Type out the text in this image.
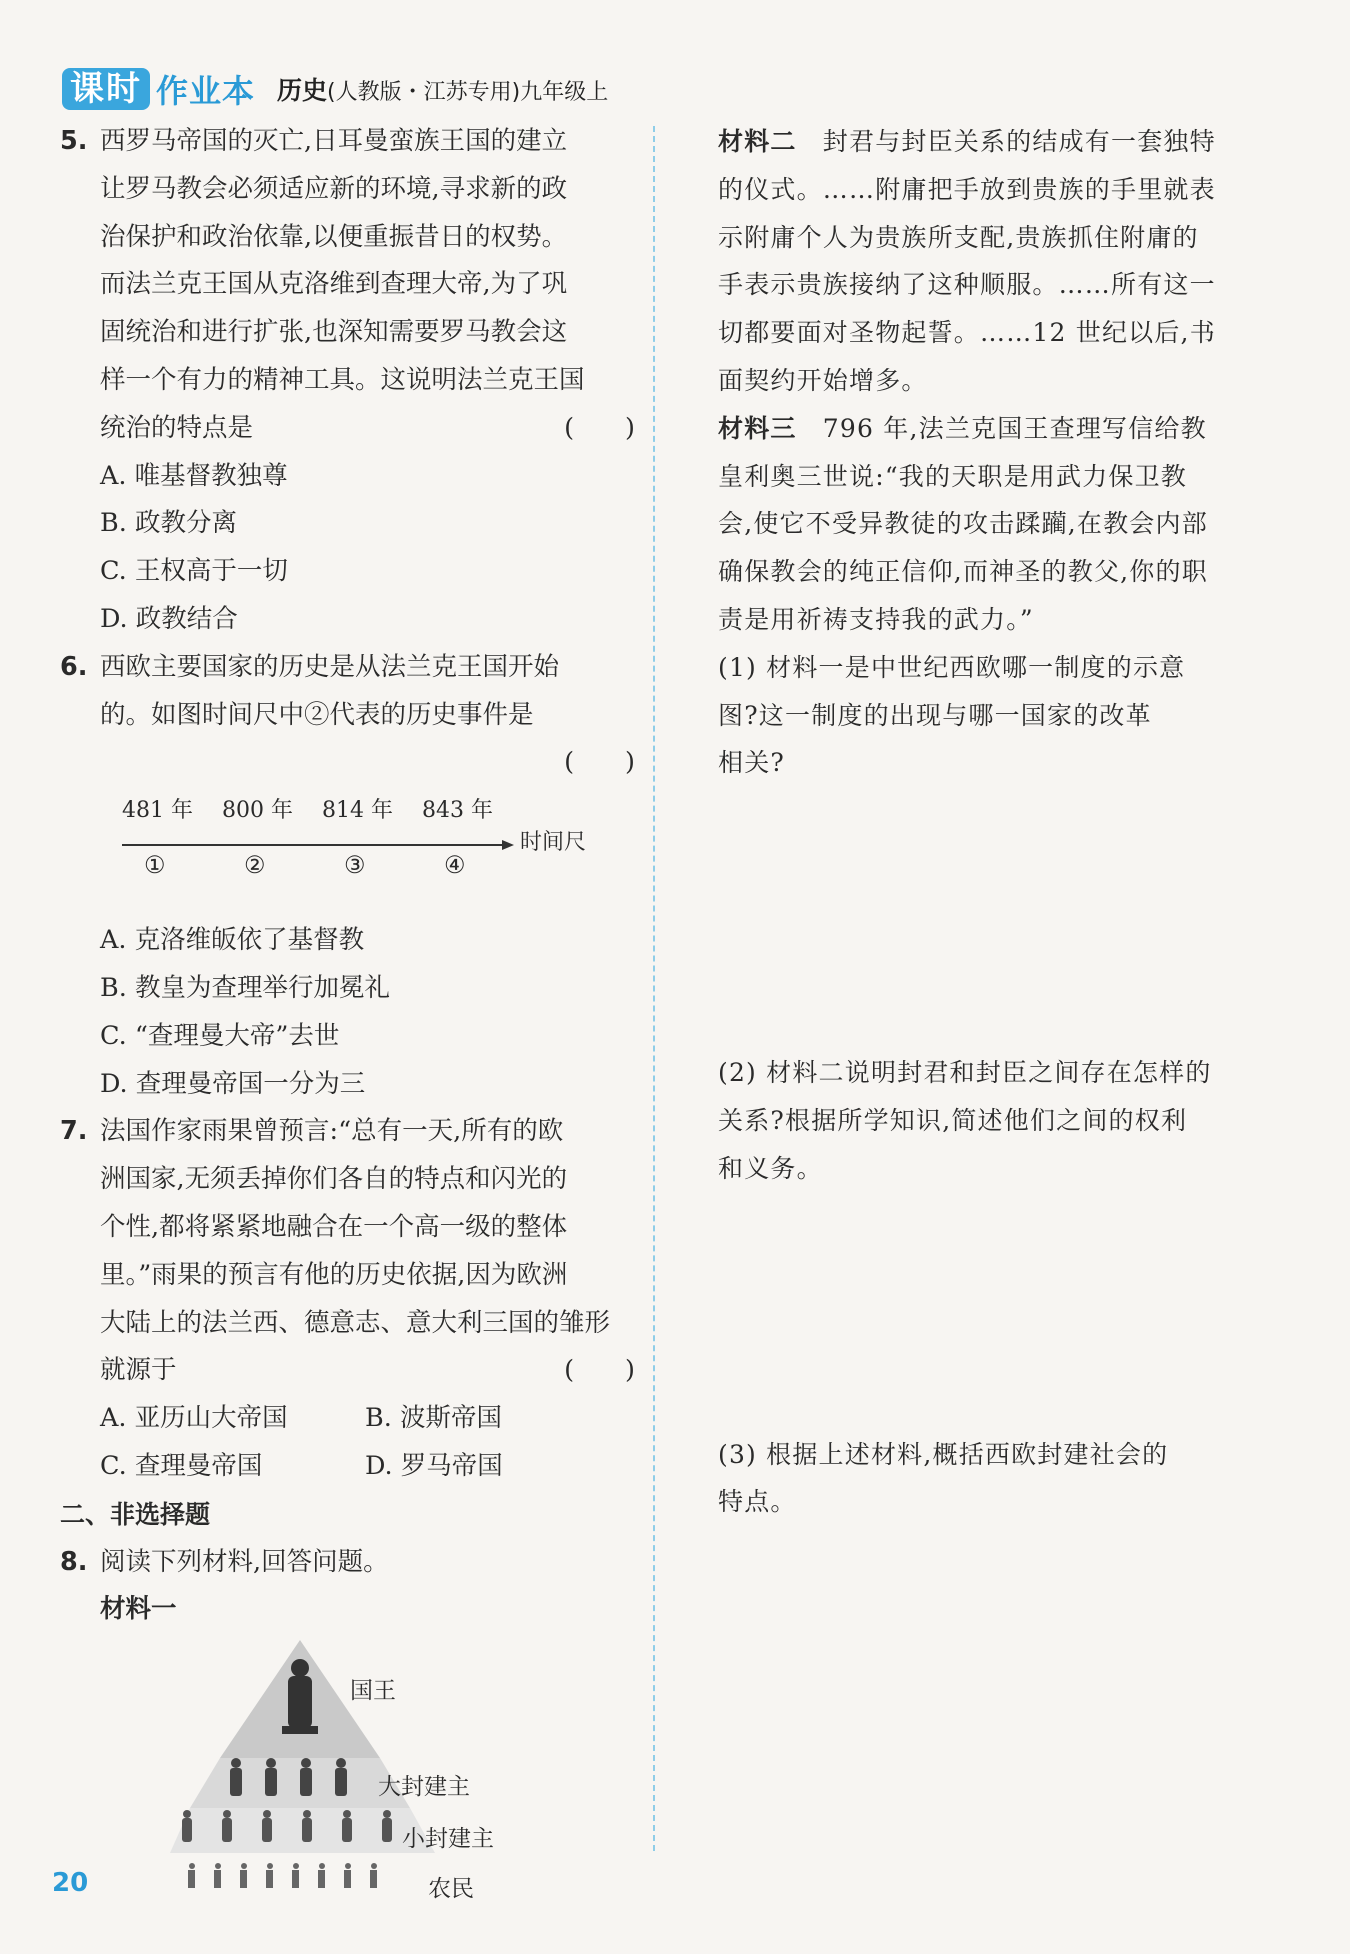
课时 作业本 历史(人教版・江苏专用)九年级上
5. 西罗马帝国的灭亡,日耳曼蛮族王国的建立
让罗马教会必须适应新的环境,寻求新的政
治保护和政治依靠,以便重振昔日的权势。
而法兰克王国从克洛维到查理大帝,为了巩
固统治和进行扩张,也深知需要罗马教会这
样一个有力的精神工具。这说明法兰克王国
统治的特点是	(　　)
A. 唯基督教独尊
B. 政教分离
C. 王权高于一切
D. 政教结合
6. 西欧主要国家的历史是从法兰克王国开始
的。如图时间尺中②代表的历史事件是
(　　)
481 年 800 年 814 年 843 年
①	②	③	④
时间尺
A. 克洛维皈依了基督教
B. 教皇为查理举行加冕礼
C. “查理曼大帝”去世
D. 查理曼帝国一分为三
7. 法国作家雨果曾预言:“总有一天,所有的欧
洲国家,无须丢掉你们各自的特点和闪光的
个性,都将紧紧地融合在一个高一级的整体
里。”雨果的预言有他的历史依据,因为欧洲
大陆上的法兰西、德意志、意大利三国的雏形
就源于	(　　)
A. 亚历山大帝国	B. 波斯帝国
C. 查理曼帝国	D. 罗马帝国
二、非选择题
8. 阅读下列材料,回答问题。
材料一
国王
大封建主
小封建主
农民
材料二　封君与封臣关系的结成有一套独特
的仪式。……附庸把手放到贵族的手里就表
示附庸个人为贵族所支配,贵族抓住附庸的
手表示贵族接纳了这种顺服。……所有这一
切都要面对圣物起誓。……12 世纪以后,书
面契约开始增多。
材料三　796 年,法兰克国王查理写信给教
皇利奥三世说:“我的天职是用武力保卫教
会,使它不受异教徒的攻击蹂躏,在教会内部
确保教会的纯正信仰,而神圣的教父,你的职
责是用祈祷支持我的武力。”
(1) 材料一是中世纪西欧哪一制度的示意
图?这一制度的出现与哪一国家的改革
相关?
(2) 材料二说明封君和封臣之间存在怎样的
关系?根据所学知识,简述他们之间的权利
和义务。
(3) 根据上述材料,概括西欧封建社会的
特点。
20
